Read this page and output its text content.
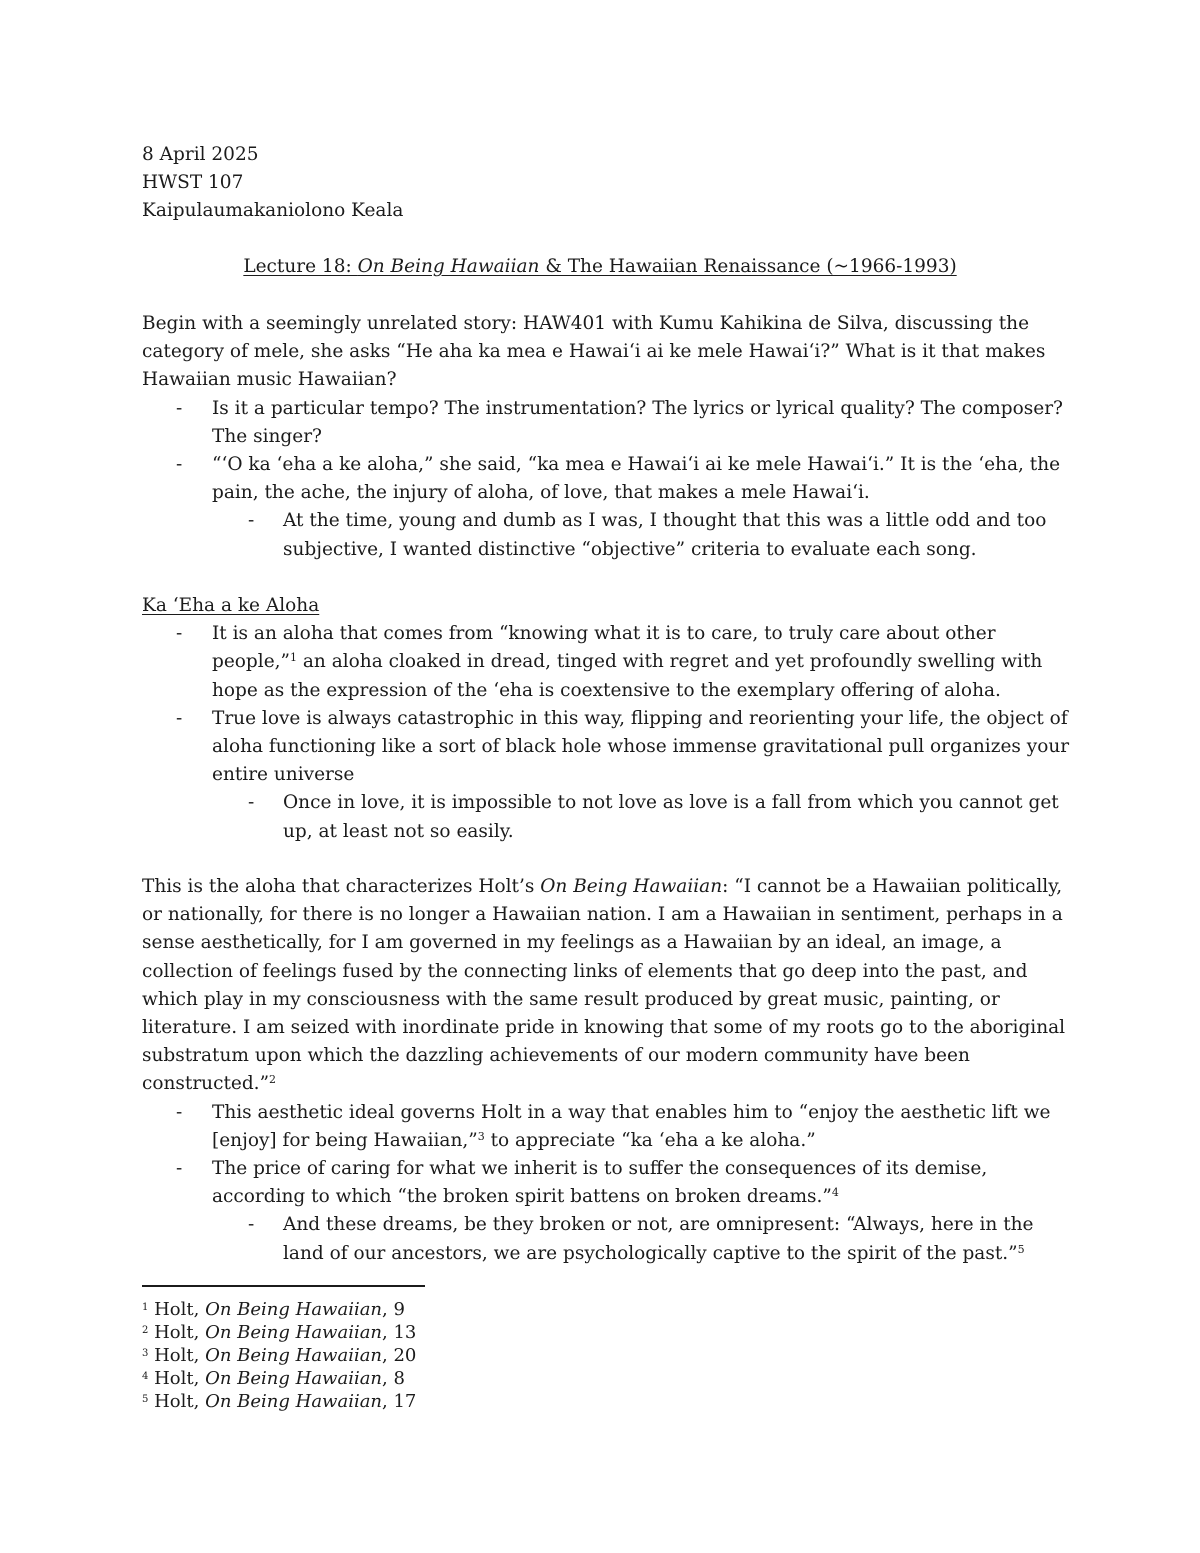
8 April 2025
HWST 107
Kaipulaumakaniolono Keala
Lecture 18: On Being Hawaiian & The Hawaiian Renaissance (~1966-1993)

Begin with a seemingly unrelated story: HAW401 with Kumu Kahikina de Silva, discussing the category of mele, she asks “He aha ka mea e Hawaiʻi ai ke mele Hawaiʻi?” What is it that makes Hawaiian music Hawaiian?

- Is it a particular tempo? The instrumentation? The lyrics or lyrical quality? The composer? The singer?
- “ʻO ka ʻeha a ke aloha,” she said, “ka mea e Hawaiʻi ai ke mele Hawaiʻi.” It is the ʻeha, the pain, the ache, the injury of aloha, of love, that makes a mele Hawaiʻi.
- At the time, young and dumb as I was, I thought that this was a little odd and too subjective, I wanted distinctive “objective” criteria to evaluate each song.

Ka ʻEha a ke Aloha

- It is an aloha that comes from “knowing what it is to care, to truly care about other people,”$^1$ an aloha cloaked in dread, tinged with regret and yet profoundly swelling with hope as the expression of the ʻeha is coextensive to the exemplary offering of aloha.
- True love is always catastrophic in this way, flipping and reorienting your life, the object of aloha functioning like a sort of black hole whose immense gravitational pull organizes your entire universe
- Once in love, it is impossible to not love as love is a fall from which you cannot get up, at least not so easily.

This is the aloha that characterizes Holt’s On Being Hawaiian: “I cannot be a Hawaiian politically, or nationally, for there is no longer a Hawaiian nation. I am a Hawaiian in sentiment, perhaps in a sense aesthetically, for I am governed in my feelings as a Hawaiian by an ideal, an image, a collection of feelings fused by the connecting links of elements that go deep into the past, and which play in my consciousness with the same result produced by great music, painting, or literature. I am seized with inordinate pride in knowing that some of my roots go to the aboriginal substratum upon which the dazzling achievements of our modern community have been constructed.”$^2$

- This aesthetic ideal governs Holt in a way that enables him to “enjoy the aesthetic lift we [enjoy] for being Hawaiian,”$^3$ to appreciate “ka ʻeha a ke aloha.”
- The price of caring for what we inherit is to suffer the consequences of its demise, according to which “the broken spirit battens on broken dreams.”$^4$
- And these dreams, be they broken or not, are omnipresent: “Always, here in the land of our ancestors, we are psychologically captive to the spirit of the past.”$^5$
$^1$ Holt, On Being Hawaiian, 9
$^2$ Holt, On Being Hawaiian, 13
$^3$ Holt, On Being Hawaiian, 20
$^4$ Holt, On Being Hawaiian, 8
$^5$ Holt, On Being Hawaiian, 17
